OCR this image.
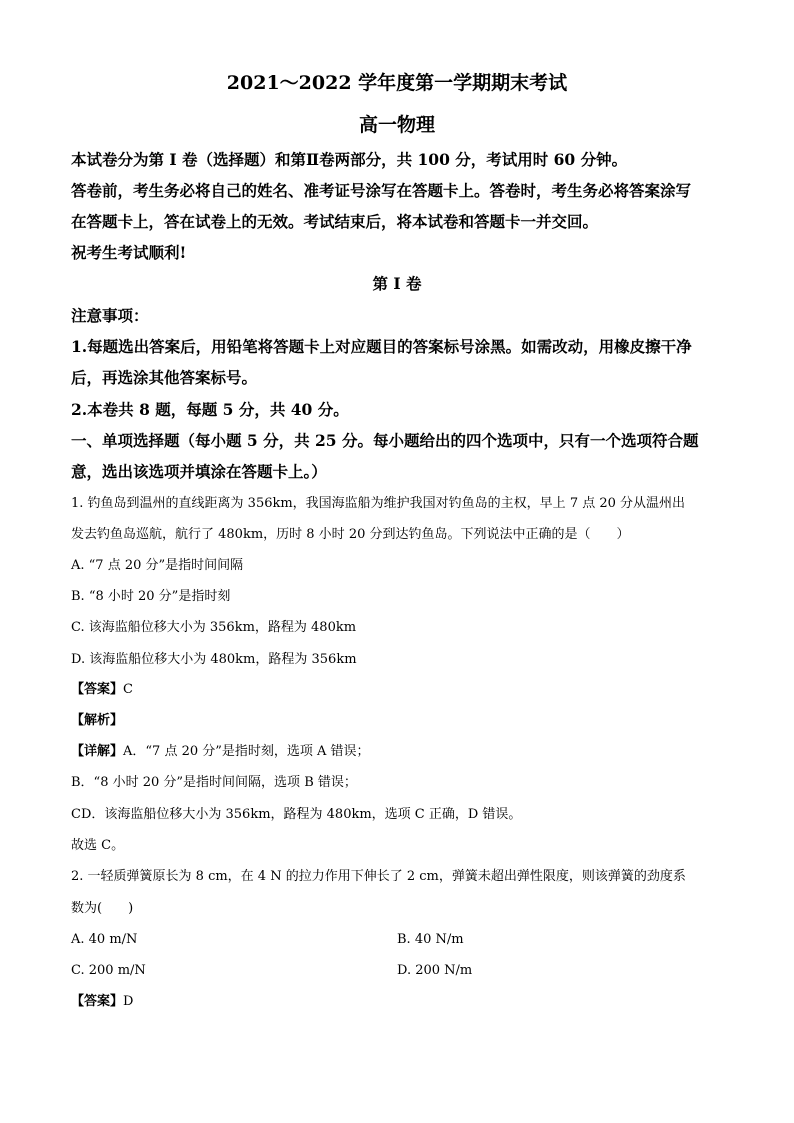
2021～2022 学年度第一学期期末考试
高一物理
本试卷分为第 I 卷（选择题）和第Ⅱ卷两部分，共 100 分，考试用时 60 分钟。
答卷前，考生务必将自己的姓名、准考证号涂写在答题卡上。答卷时，考生务必将答案涂写
在答题卡上，答在试卷上的无效。考试结束后，将本试卷和答题卡一并交回。
祝考生考试顺利!
第 I 卷
注意事项：
1.每题选出答案后，用铅笔将答题卡上对应题目的答案标号涂黑。如需改动，用橡皮擦干净
后，再选涂其他答案标号。
2.本卷共 8 题，每题 5 分，共 40 分。
一、单项选择题（每小题 5 分，共 25 分。每小题给出的四个选项中，只有一个选项符合题
意，选出该选项并填涂在答题卡上。）
1. 钓鱼岛到温州的直线距离为 356km，我国海监船为维护我国对钓鱼岛的主权，早上 7 点 20 分从温州出
发去钓鱼岛巡航，航行了 480km，历时 8 小时 20 分到达钓鱼岛。下列说法中正确的是（　　）
A. “7 点 20 分”是指时间间隔
B. “8 小时 20 分”是指时刻
C. 该海监船位移大小为 356km，路程为 480km
D. 该海监船位移大小为 480km，路程为 356km
【答案】C
【解析】
【详解】A．“7 点 20 分”是指时刻，选项 A 错误；
B．“8 小时 20 分”是指时间间隔，选项 B 错误；
CD．该海监船位移大小为 356km，路程为 480km，选项 C 正确，D 错误。
故选 C。
2. 一轻质弹簧原长为 8 cm，在 4 N 的拉力作用下伸长了 2 cm，弹簧未超出弹性限度，则该弹簧的劲度系
数为(　　)
A. 40 m/N	B. 40 N/m
C. 200 m/N	D. 200 N/m
【答案】D
